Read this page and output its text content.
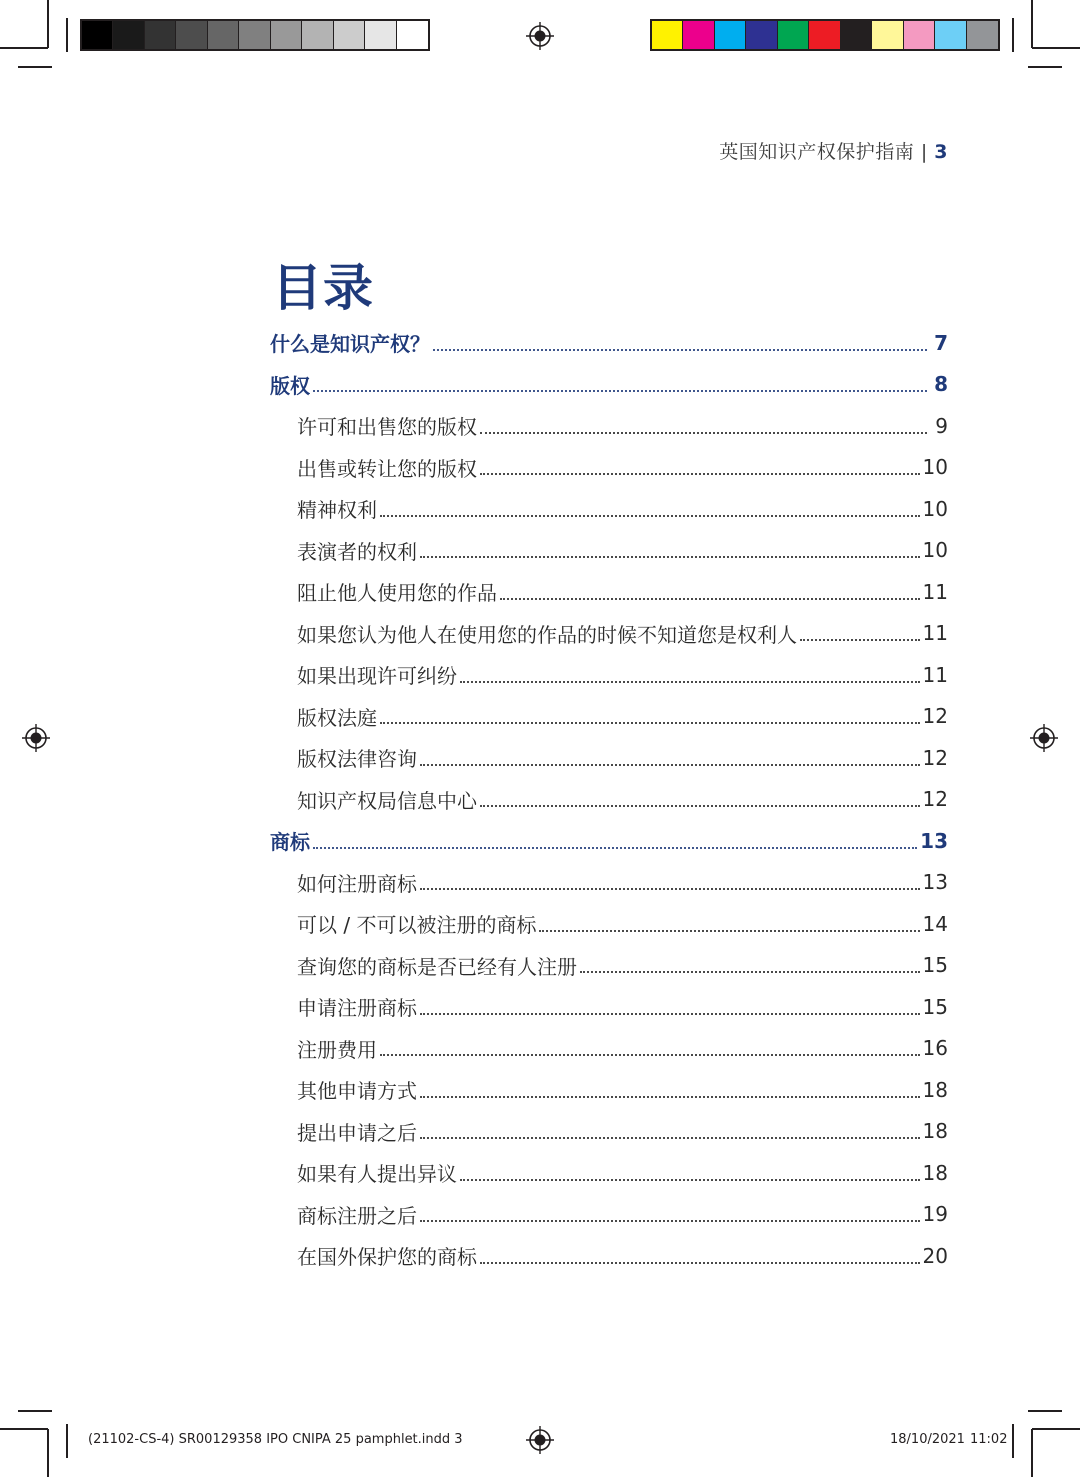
英国知识产权保护指南 | 3
目录
什么是知识产权？	7
版权	8
许可和出售您的版权	9
出售或转让您的版权	10
精神权利	10
表演者的权利	10
阻止他人使用您的作品	11
如果您认为他人在使用您的作品的时候不知道您是权利人	11
如果出现许可纠纷	11
版权法庭	12
版权法律咨询	12
知识产权局信息中心	12
商标	13
如何注册商标	13
可以 / 不可以被注册的商标	14
查询您的商标是否已经有人注册	15
申请注册商标	15
注册费用	16
其他申请方式	18
提出申请之后	18
如果有人提出异议	18
商标注册之后	19
在国外保护您的商标	20
(21102-CS-4) SR00129358 IPO CNIPA 25 pamphlet.indd 3	18/10/2021 11:02
